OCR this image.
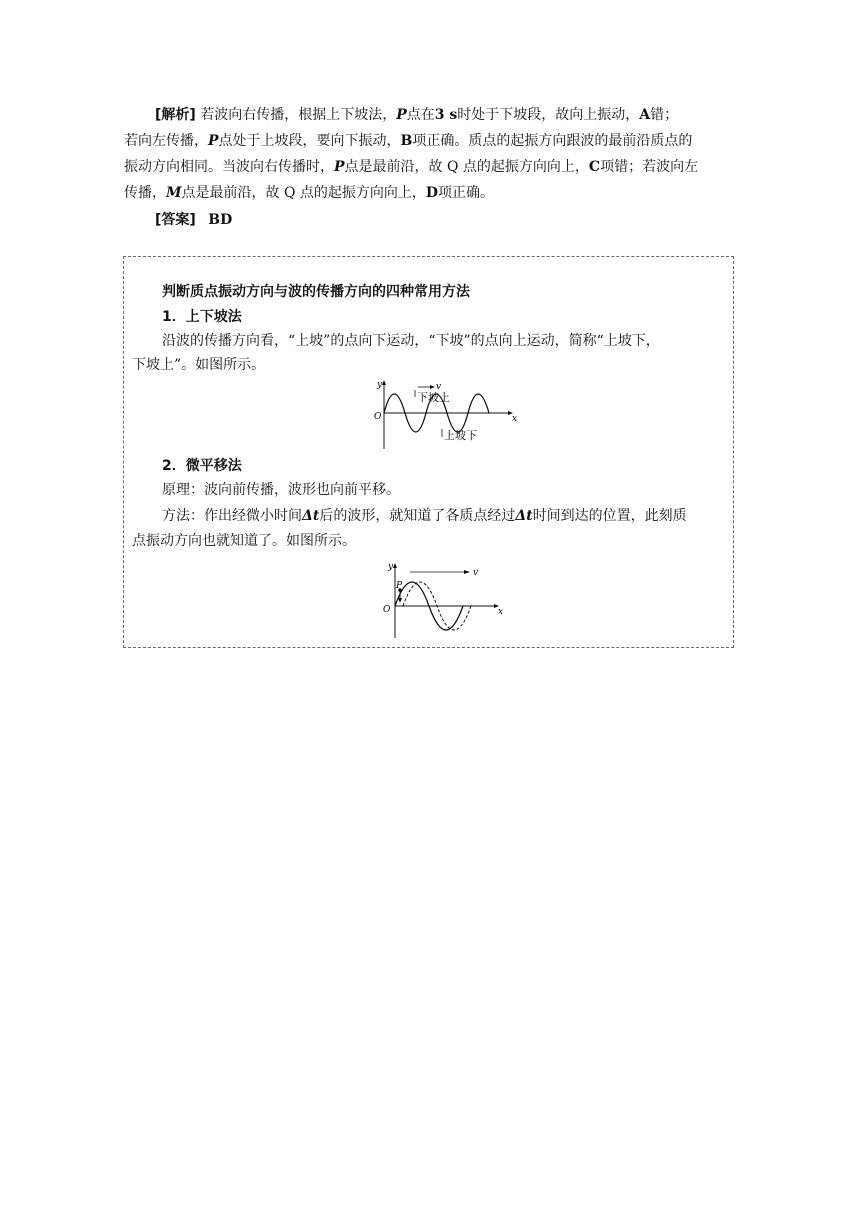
[解析] 若波向右传播，根据上下坡法，P点在3 s时处于下坡段，故向上振动，A错；
若向左传播，P点处于上坡段，要向下振动，B项正确。质点的起振方向跟波的最前沿质点的
振动方向相同。当波向右传播时，P点是最前沿，故 Q 点的起振方向向上，C项错；若波向左
传播，M点是最前沿，故 Q 点的起振方向向上，D项正确。
[答案] BD
判断质点振动方向与波的传播方向的四种常用方法
1．上下坡法
沿波的传播方向看，“上坡”的点向下运动，“下坡”的点向上运动，简称“上坡下，
下坡上”。如图所示。
y
O	x
v
下坡上
上坡下
2．微平移法
原理：波向前传播，波形也向前平移。
方法：作出经微小时间Δt后的波形，就知道了各质点经过Δt时间到达的位置，此刻质
点振动方向也就知道了。如图所示。
y
O	x
v
P
